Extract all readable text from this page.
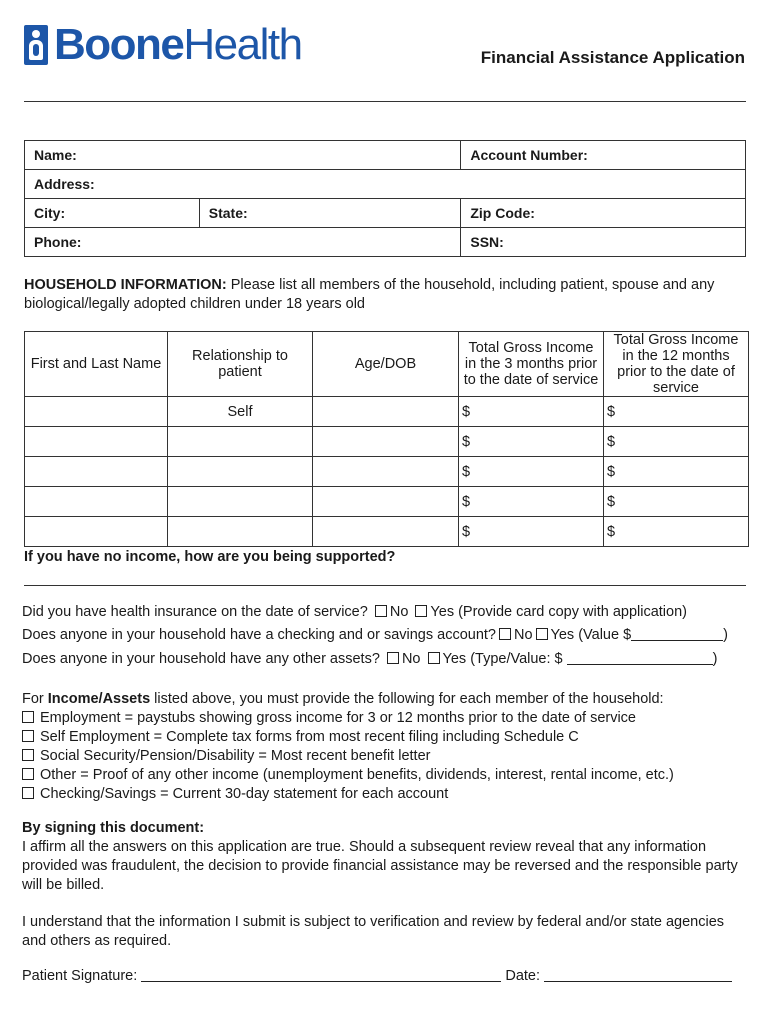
BooneHealth	Financial Assistance Application
Name:		Account Number:
Address:		
City:	State:	Zip Code:
Phone:		SSN:
HOUSEHOLD INFORMATION: Please list all members of the household, including patient, spouse and any biological/legally adopted children under 18 years old
First and Last Name	Relationship to patient	Age/DOB	Total Gross Income in the 3 months prior to the date of service	Total Gross Income in the 12 months prior to the date of service
	Self		$	$
			$	$
			$	$
			$	$
			$	$
If you have no income, how are you being supported?
Did you have health insurance on the date of service? No Yes (Provide card copy with application)
Does anyone in your household have a checking and or savings account? No Yes (Value $	)
Does anyone in your household have any other assets? No Yes (Type/Value: $	)
For Income/Assets listed above, you must provide the following for each member of the household:
Employment = paystubs showing gross income for 3 or 12 months prior to the date of service
Self Employment = Complete tax forms from most recent filing including Schedule C
Social Security/Pension/Disability = Most recent benefit letter
Other = Proof of any other income (unemployment benefits, dividends, interest, rental income, etc.)
Checking/Savings = Current 30-day statement for each account
By signing this document:
I affirm all the answers on this application are true. Should a subsequent review reveal that any information provided was fraudulent, the decision to provide financial assistance may be reversed and the responsible party will be billed.
I understand that the information I submit is subject to verification and review by federal and/or state agencies and others as required.
Patient Signature:	Date:
